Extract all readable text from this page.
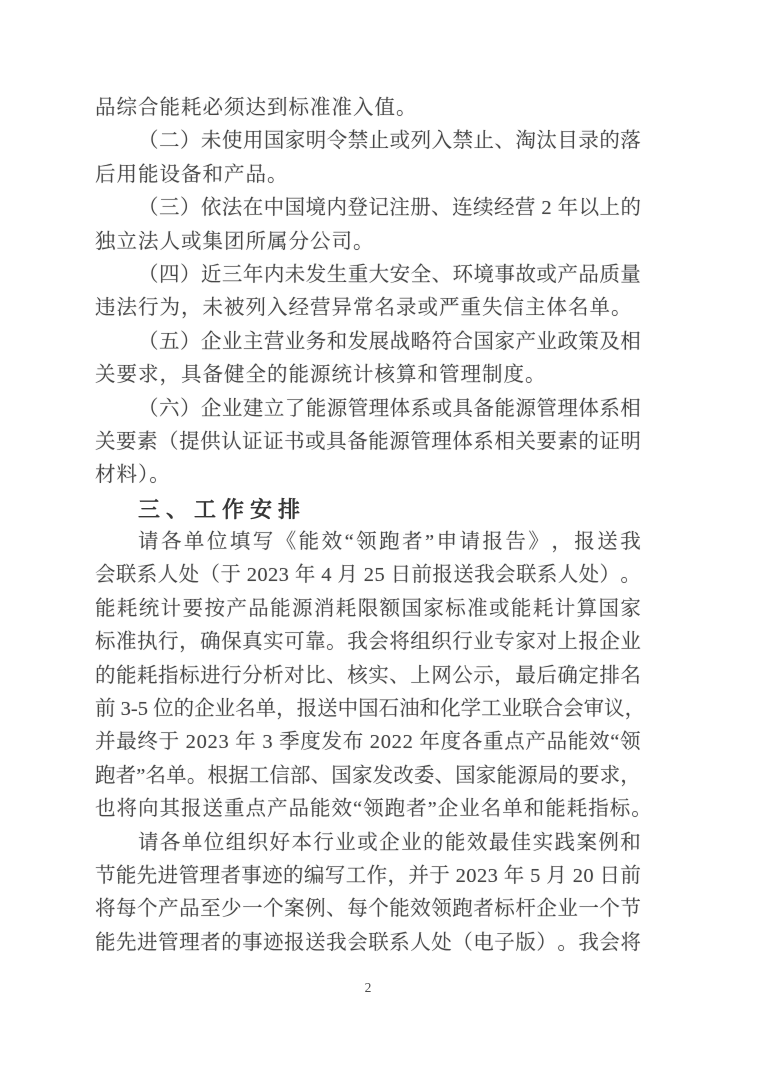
品综合能耗必须达到标准准入值。
（ 二 ） 未 使 用 国 家 明 令 禁 止 或 列 入 禁 止 、 淘 汰 目 录 的 落
后用能设备和产品。
（ 三 ） 依 法 在 中 国 境 内 登 记 注 册 、 连 续 经 营
2
年 以 上 的
独立法人或集团所属分公司。
（ 四 ） 近 三 年 内 未 发 生 重 大 安 全 、 环 境 事 故 或 产 品 质 量
违法行为，未被列入经营异常名录或严重失信主体名单。
（ 五 ） 企 业 主 营 业 务 和 发 展 战 略 符 合 国 家 产 业 政 策 及 相
关要求，具备健全的能源统计核算和管理制度。
（ 六 ） 企 业 建 立 了 能 源 管 理 体 系 或 具 备 能 源 管 理 体 系 相
关 要 素 （ 提 供 认 证 证 书 或 具 备 能 源 管 理 体 系 相 关 要 素 的 证 明
材料）。
三、工作安排
请 各 单 位 填 写 《 能 效 “ 领 跑 者 ” 申 请 报 告 》 ， 报 送 我
会 联 系 人 处 （ 于
2 0 2 3
年
4
月
2 5
日 前 报 送 我 会 联 系 人 处 ） 。
能 耗 统 计 要 按 产 品 能 源 消 耗 限 额 国 家 标 准 或 能 耗 计 算 国 家
标 准 执 行 ， 确 保 真 实 可 靠 。 我 会 将 组 织 行 业 专 家 对 上 报 企 业
的 能 耗 指 标 进 行 分 析 对 比 、 核 实 、 上 网 公 示 ， 最 后 确 定 排 名
前
3 - 5
位 的 企 业 名 单 ， 报 送 中 国 石 油 和 化 学 工 业 联 合 会 审 议 ，
并 最 终 于
2 0 2 3
年
3
季 度 发 布
2 0 2 2
年 度 各 重 点 产 品 能 效 “ 领
跑 者 ” 名 单 。 根 据 工 信 部 、 国 家 发 改 委 、 国 家 能 源 局 的 要 求 ，
也将向其报送重点产品能效“领跑者”企业名单和能耗指标。
请 各 单 位 组 织 好 本 行 业 或 企 业 的 能 效 最 佳 实 践 案 例 和
节 能 先 进 管 理 者 事 迹 的 编 写 工 作 ， 并 于
2 0 2 3
年
5
月
2 0
日 前
将 每 个 产 品 至 少 一 个 案 例 、 每 个 能 效 领 跑 者 标 杆 企 业 一 个 节
能 先 进 管 理 者 的 事 迹 报 送 我 会 联 系 人 处 （ 电 子 版 ） 。 我 会 将
2
